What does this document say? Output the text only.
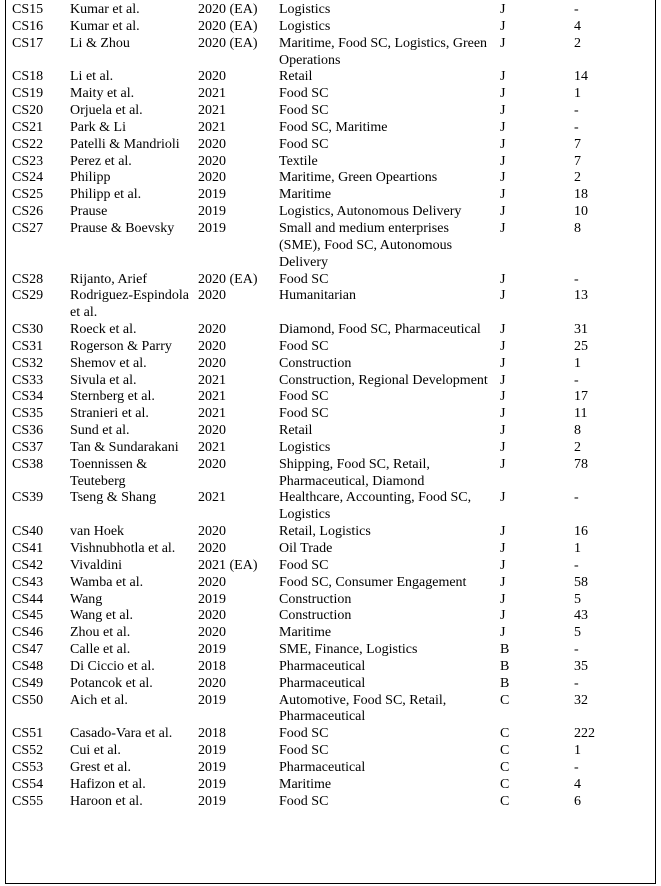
CS15	Kumar et al.	2020 (EA)	Logistics	J	-
CS16	Kumar et al.	2020 (EA)	Logistics	J	4
CS17	Li & Zhou	2020 (EA)	Maritime, Food SC, Logistics, Green Operations	J	2
CS18	Li et al.	2020	Retail	J	14
CS19	Maity et al.	2021	Food SC	J	1
CS20	Orjuela et al.	2021	Food SC	J	-
CS21	Park & Li	2021	Food SC, Maritime	J	-
CS22	Patelli & Mandrioli	2020	Food SC	J	7
CS23	Perez et al.	2020	Textile	J	7
CS24	Philipp	2020	Maritime, Green Opeartions	J	2
CS25	Philipp et al.	2019	Maritime	J	18
CS26	Prause	2019	Logistics, Autonomous Delivery	J	10
CS27	Prause & Boevsky	2019	Small and medium enterprises (SME), Food SC, Autonomous Delivery	J	8
CS28	Rijanto, Arief	2020 (EA)	Food SC	J	-
CS29	Rodriguez-Espindola et al.	2020	Humanitarian	J	13
CS30	Roeck et al.	2020	Diamond, Food SC, Pharmaceutical	J	31
CS31	Rogerson & Parry	2020	Food SC	J	25
CS32	Shemov et al.	2020	Construction	J	1
CS33	Sivula et al.	2021	Construction, Regional Development	J	-
CS34	Sternberg et al.	2021	Food SC	J	17
CS35	Stranieri et al.	2021	Food SC	J	11
CS36	Sund et al.	2020	Retail	J	8
CS37	Tan & Sundarakani	2021	Logistics	J	2
CS38	Toennissen & Teuteberg	2020	Shipping, Food SC, Retail, Pharmaceutical, Diamond	J	78
CS39	Tseng & Shang	2021	Healthcare, Accounting, Food SC, Logistics	J	-
CS40	van Hoek	2020	Retail, Logistics	J	16
CS41	Vishnubhotla et al.	2020	Oil Trade	J	1
CS42	Vivaldini	2021 (EA)	Food SC	J	-
CS43	Wamba et al.	2020	Food SC, Consumer Engagement	J	58
CS44	Wang	2019	Construction	J	5
CS45	Wang et al.	2020	Construction	J	43
CS46	Zhou et al.	2020	Maritime	J	5
CS47	Calle et al.	2019	SME, Finance, Logistics	B	-
CS48	Di Ciccio et al.	2018	Pharmaceutical	B	35
CS49	Potancok et al.	2020	Pharmaceutical	B	-
CS50	Aich et al.	2019	Automotive, Food SC, Retail, Pharmaceutical	C	32
CS51	Casado-Vara et al.	2018	Food SC	C	222
CS52	Cui et al.	2019	Food SC	C	1
CS53	Grest et al.	2019	Pharmaceutical	C	-
CS54	Hafizon et al.	2019	Maritime	C	4
CS55	Haroon et al.	2019	Food SC	C	6
